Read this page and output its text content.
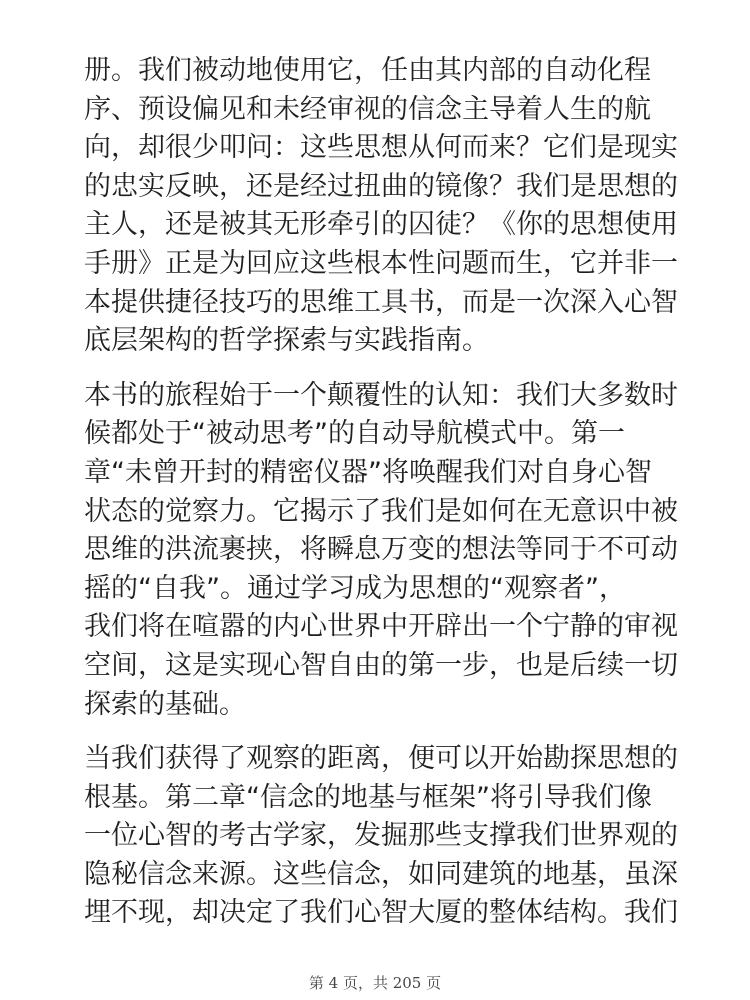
册。我们被动地使用它，任由其内部的自动化程
序、预设偏见和未经审视的信念主导着人生的航
向，却很少叩问：这些思想从何而来？它们是现实
的忠实反映，还是经过扭曲的镜像？我们是思想的
主人，还是被其无形牵引的囚徒？《你的思想使用
手册》正是为回应这些根本性问题而生，它并非一
本提供捷径技巧的思维工具书，而是一次深入心智
底层架构的哲学探索与实践指南。

本书的旅程始于一个颠覆性的认知：我们大多数时
候都处于“被动思考”的自动导航模式中。第一
章“未曾开封的精密仪器”将唤醒我们对自身心智
状态的觉察力。它揭示了我们是如何在无意识中被
思维的洪流裹挟，将瞬息万变的想法等同于不可动
摇的“自我”。通过学习成为思想的“观察者”，
我们将在喧嚣的内心世界中开辟出一个宁静的审视
空间，这是实现心智自由的第一步，也是后续一切
探索的基础。

当我们获得了观察的距离，便可以开始勘探思想的
根基。第二章“信念的地基与框架”将引导我们像
一位心智的考古学家，发掘那些支撑我们世界观的
隐秘信念来源。这些信念，如同建筑的地基，虽深
埋不现，却决定了我们心智大厦的整体结构。我们

第 4 页，共 205 页
